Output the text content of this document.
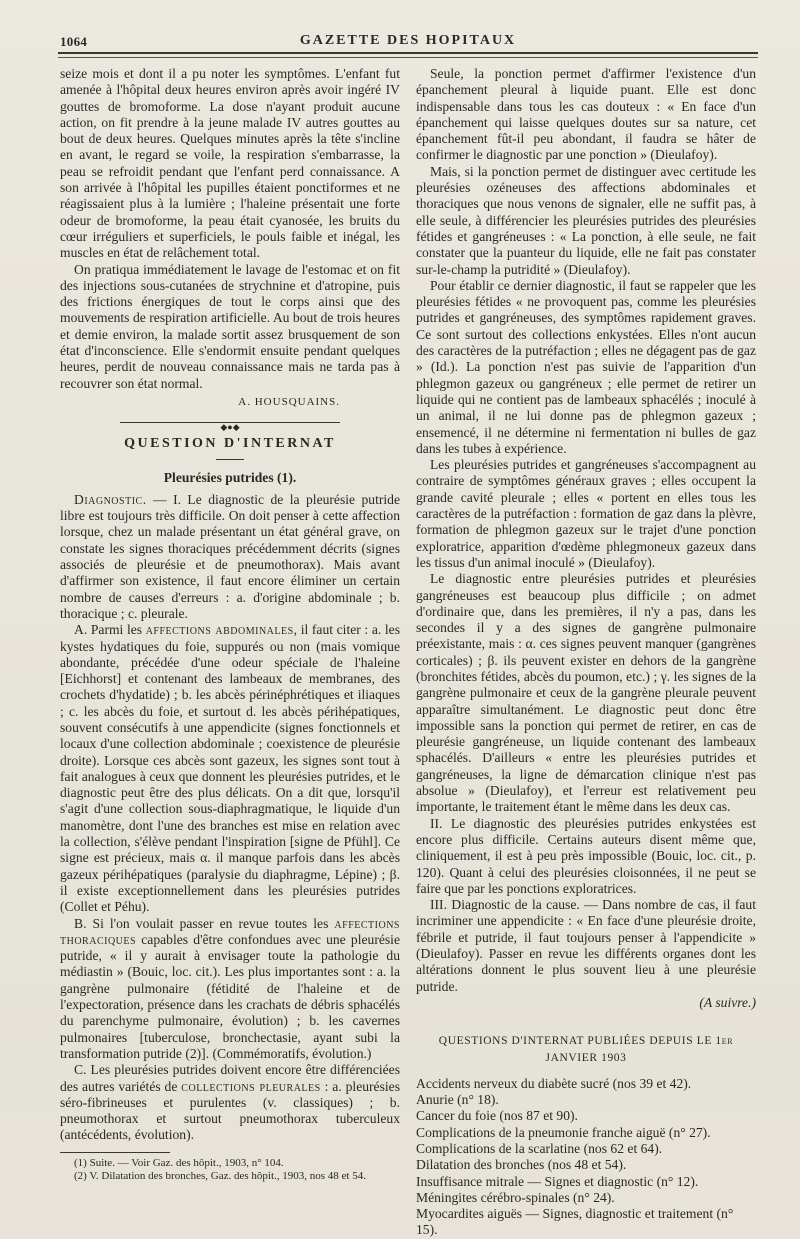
1064	GAZETTE DES HOPITAUX

seize mois et dont il a pu noter les symptômes. L'enfant fut amenée à l'hôpital deux heures environ après avoir ingéré IV gouttes de bromoforme. La dose n'ayant produit aucune action, on fit prendre à la jeune malade IV autres gouttes au bout de deux heures. Quelques minutes après la tête s'incline en avant, le regard se voile, la respiration s'embarrasse, la peau se refroidit pendant que l'enfant perd connaissance. A son arrivée à l'hôpital les pupilles étaient ponctiformes et ne réagissaient plus à la lumière ; l'haleine présentait une forte odeur de bromoforme, la peau était cyanosée, les bruits du cœur irréguliers et superficiels, le pouls faible et inégal, les muscles en état de relâchement total.

On pratiqua immédiatement le lavage de l'estomac et on fit des injections sous-cutanées de strychnine et d'atropine, puis des frictions énergiques de tout le corps ainsi que des mouvements de respiration artificielle. Au bout de trois heures et demie environ, la malade sortit assez brusquement de son état d'inconscience. Elle s'endormit ensuite pendant quelques heures, perdit de nouveau connaissance mais ne tarda pas à recouvrer son état normal.

A. HOUSQUAINS.
◆●◆
QUESTION D'INTERNAT
Pleurésies putrides (1).

Diagnostic. — I. Le diagnostic de la pleurésie putride libre est toujours très difficile. On doit penser à cette affection lorsque, chez un malade présentant un état général grave, on constate les signes thoraciques précédemment décrits (signes associés de pleurésie et de pneumothorax). Mais avant d'affirmer son existence, il faut encore éliminer un certain nombre de causes d'erreurs : a. d'origine abdominale ; b. thoracique ; c. pleurale.

A. Parmi les affections abdominales, il faut citer : a. les kystes hydatiques du foie, suppurés ou non (mais vomique abondante, précédée d'une odeur spéciale de l'haleine [Eichhorst] et contenant des lambeaux de membranes, des crochets d'hydatide) ; b. les abcès périnéphrétiques et iliaques ; c. les abcès du foie, et surtout d. les abcès périhépatiques, souvent consécutifs à une appendicite (signes fonctionnels et locaux d'une collection abdominale ; coexistence de pleurésie droite). Lorsque ces abcès sont gazeux, les signes sont tout à fait analogues à ceux que donnent les pleurésies putrides, et le diagnostic peut être des plus délicats. On a dit que, lorsqu'il s'agit d'une collection sous-diaphragmatique, le liquide d'un manomètre, dont l'une des branches est mise en relation avec la collection, s'élève pendant l'inspiration [signe de Pfühl]. Ce signe est précieux, mais α. il manque parfois dans les abcès gazeux périhépatiques (paralysie du diaphragme, Lépine) ; β. il existe exceptionnellement dans les pleurésies putrides (Collet et Péhu).

B. Si l'on voulait passer en revue toutes les affections thoraciques capables d'être confondues avec une pleurésie putride, « il y aurait à envisager toute la pathologie du médiastin » (Bouic, loc. cit.). Les plus importantes sont : a. la gangrène pulmonaire (fétidité de l'haleine et de l'expectoration, présence dans les crachats de débris sphacélés du parenchyme pulmonaire, évolution) ; b. les cavernes pulmonaires [tuberculose, bronchectasie, ayant subi la transformation putride (2)]. (Commémoratifs, évolution.)

C. Les pleurésies putrides doivent encore être différenciées des autres variétés de collections pleurales : a. pleurésies séro-fibrineuses et purulentes (v. classiques) ; b. pneumothorax et surtout pneumothorax tuberculeux (antécédents, évolution).

(1) Suite. — Voir Gaz. des hôpit., 1903, n° 104.

(2) V. Dilatation des bronches, Gaz. des hôpit., 1903, nos 48 et 54.

Seule, la ponction permet d'affirmer l'existence d'un épanchement pleural à liquide puant. Elle est donc indispensable dans tous les cas douteux : « En face d'un épanchement qui laisse quelques doutes sur sa nature, cet épanchement fût-il peu abondant, il faudra se hâter de confirmer le diagnostic par une ponction » (Dieulafoy).

Mais, si la ponction permet de distinguer avec certitude les pleurésies ozéneuses des affections abdominales et thoraciques que nous venons de signaler, elle ne suffit pas, à elle seule, à différencier les pleurésies putrides des pleurésies fétides et gangréneuses : « La ponction, à elle seule, ne fait constater que la puanteur du liquide, elle ne fait pas constater sur-le-champ la putridité » (Dieulafoy).

Pour établir ce dernier diagnostic, il faut se rappeler que les pleurésies fétides « ne provoquent pas, comme les pleurésies putrides et gangréneuses, des symptômes rapidement graves. Ce sont surtout des collections enkystées. Elles n'ont aucun des caractères de la putréfaction ; elles ne dégagent pas de gaz » (Id.). La ponction n'est pas suivie de l'apparition d'un phlegmon gazeux ou gangréneux ; elle permet de retirer un liquide qui ne contient pas de lambeaux sphacélés ; inoculé à un animal, il ne lui donne pas de phlegmon gazeux ; ensemencé, il ne détermine ni fermentation ni bulles de gaz dans les tubes à expérience.

Les pleurésies putrides et gangréneuses s'accompagnent au contraire de symptômes généraux graves ; elles occupent la grande cavité pleurale ; elles « portent en elles tous les caractères de la putréfaction : formation de gaz dans la plèvre, formation de phlegmon gazeux sur le trajet d'une ponction exploratrice, apparition d'œdème phlegmoneux gazeux dans les tissus d'un animal inoculé » (Dieulafoy).

Le diagnostic entre pleurésies putrides et pleurésies gangréneuses est beaucoup plus difficile ; on admet d'ordinaire que, dans les premières, il n'y a pas, dans les secondes il y a des signes de gangrène pulmonaire préexistante, mais : α. ces signes peuvent manquer (gangrènes corticales) ; β. ils peuvent exister en dehors de la gangrène (bronchites fétides, abcès du poumon, etc.) ; γ. les signes de la gangrène pulmonaire et ceux de la gangrène pleurale peuvent apparaître simultanément. Le diagnostic peut donc être impossible sans la ponction qui permet de retirer, en cas de pleurésie gangréneuse, un liquide contenant des lambeaux sphacélés. D'ailleurs « entre les pleurésies putrides et gangréneuses, la ligne de démarcation clinique n'est pas absolue » (Dieulafoy), et l'erreur est relativement peu importante, le traitement étant le même dans les deux cas.

II. Le diagnostic des pleurésies putrides enkystées est encore plus difficile. Certains auteurs disent même que, cliniquement, il est à peu près impossible (Bouic, loc. cit., p. 120). Quant à celui des pleurésies cloisonnées, il ne peut se faire que par les ponctions exploratrices.

III. Diagnostic de la cause. — Dans nombre de cas, il faut incriminer une appendicite : « En face d'une pleurésie droite, fébrile et putride, il faut toujours penser à l'appendicite » (Dieulafoy). Passer en revue les différents organes dont les altérations donnent le plus souvent lieu à une pleurésie putride.

(A suivre.)
QUESTIONS D'INTERNAT PUBLIÉES DEPUIS LE 1er JANVIER 1903

Accidents nerveux du diabète sucré (nos 39 et 42).

Anurie (n° 18).

Cancer du foie (nos 87 et 90).

Complications de la pneumonie franche aiguë (n° 27).

Complications de la scarlatine (nos 62 et 64).

Dilatation des bronches (nos 48 et 54).

Insuffisance mitrale — Signes et diagnostic (n° 12).

Méningites cérébro-spinales (n° 24).

Myocardites aiguës — Signes, diagnostic et traitement (n° 15).
